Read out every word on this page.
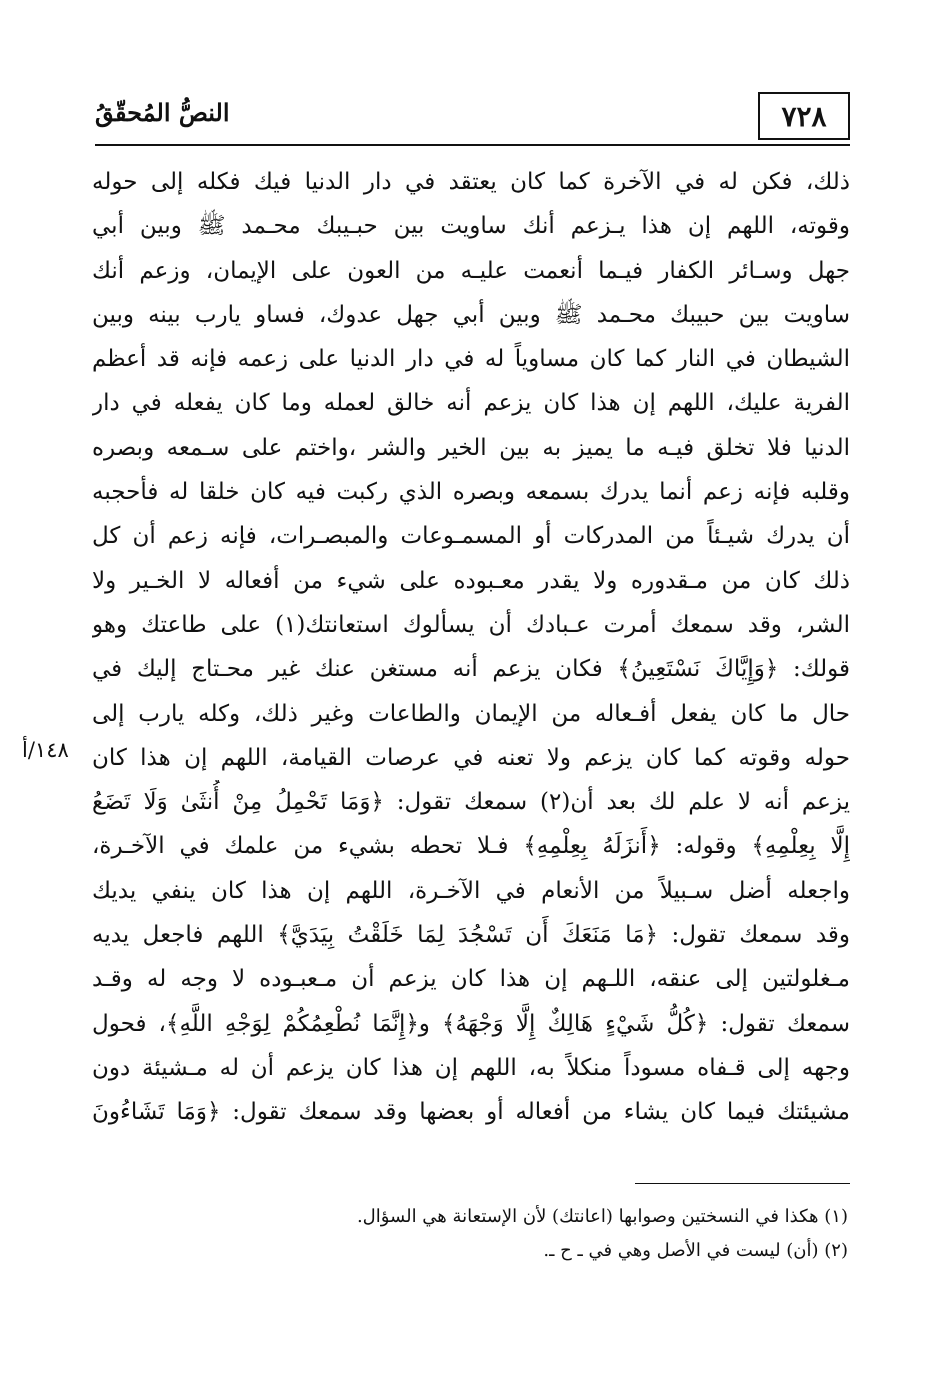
٧٢٨
النصُّ المُحقّقُ
١٤٨/أ
ذلك، فكن له في الآخرة كما كان يعتقد في دار الدنيا فيك فكله إلى حوله
وقوته، اللهم إن هذا يـزعم أنك ساويت بين حبـيبك محـمد ﷺ وبين أبي
جهل وسـائر الكفار فيـما أنعمت عليـه من العون على الإيمان، وزعم أنك
ساويت بين حبيبك محـمد ﷺ وبين أبي جهل عدوك، فساو يارب بينه وبين
الشيطان في النار كما كان مساوياً له في دار الدنيا على زعمه فإنه قد أعظم
الفرية عليك، اللهم إن هذا كان يزعم أنه خالق لعمله وما كان يفعله في دار
الدنيا فلا تخلق فيـه ما يميز به بين الخير والشر ،واختم على سـمعه وبصره
وقلبه فإنه زعم أنما يدرك بسمعه وبصره الذي ركبت فيه كان خلقا له فأحجبه
أن يدرك شيـئاً من المدركات أو المسمـوعات والمبصـرات، فإنه زعم أن كل
ذلك كان من مـقدوره ولا يقدر معـبوده على شيء من أفعاله لا الخـير ولا
الشر، وقد سمعك أمرت عـبادك أن يسألوك استعانتك(١) على طاعتك وهو
قولك: ﴿وَإِيَّاكَ نَسْتَعِينُ﴾ فكان يزعم أنه مستغن عنك غير محـتاج إليك في
حال ما كان يفعل أفـعاله من الإيمان والطاعات وغير ذلك، وكله يارب إلى
حوله وقوته كما كان يزعم ولا تعنه في عرصات القيامة، اللهم إن هذا كان
يزعم أنه لا علم لك بعد أن(٢) سمعك تقول: ﴿وَمَا تَحْمِلُ مِنْ أُنثَىٰ وَلَا تَضَعُ
إِلَّا بِعِلْمِهِ﴾ وقوله: ﴿أَنزَلَهُ بِعِلْمِهِ﴾ فـلا تحطه بشيء من علمك في الآخـرة،
واجعله أضل سـبيلاً من الأنعام في الآخـرة، اللهم إن هذا كان ينفي يديك
وقد سمعك تقول: ﴿مَا مَنَعَكَ أَن تَسْجُدَ لِمَا خَلَقْتُ بِيَدَيَّ﴾ اللهم فاجعل يديه
مـغلولتين إلى عنقه، اللـهم إن هذا كان يزعم أن مـعبـوده لا وجه له وقـد
سمعك تقول: ﴿كُلُّ شَيْءٍ هَالِكٌ إِلَّا وَجْهَهُ﴾ و﴿إِنَّمَا نُطْعِمُكُمْ لِوَجْهِ اللَّهِ﴾، فحول
وجهه إلى قـفاه مسوداً منكلاً به، اللهم إن هذا كان يزعم أن له مـشيئة دون
مشيئتك فيما كان يشاء من أفعاله أو بعضها وقد سمعك تقول: ﴿وَمَا تَشَاءُونَ
(١) هكذا في النسختين وصوابها (اعانتك) لأن الإستعانة هي السؤال.
(٢) (أن) ليست في الأصل وهي في ـ ح ـ.
